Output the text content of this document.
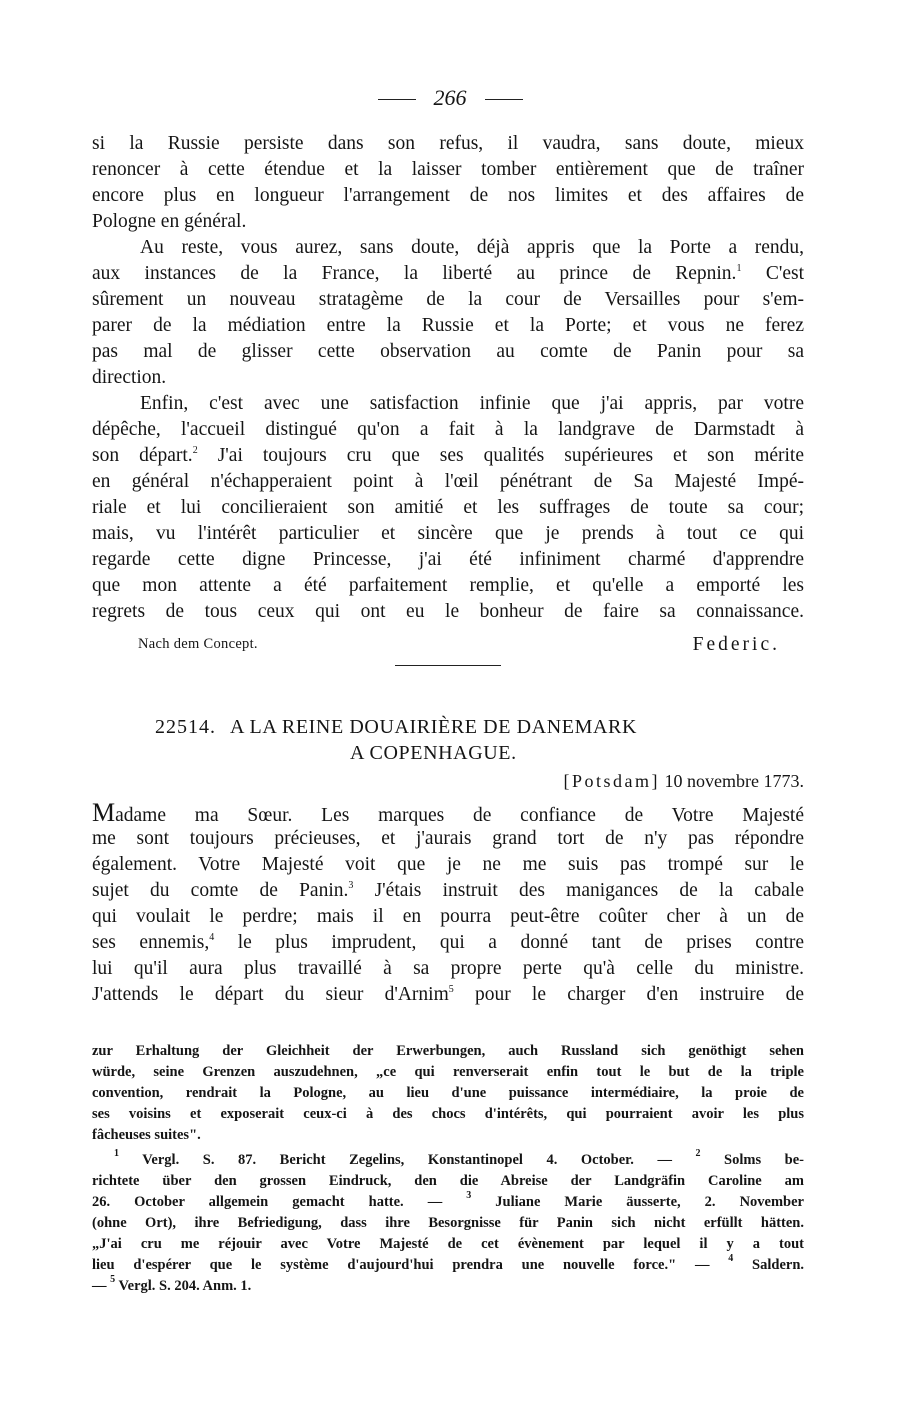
266
si la Russie persiste dans son refus, il vaudra, sans doute, mieux
renoncer à cette étendue et la laisser tomber entièrement que de traîner
encore plus en longueur l'arrangement de nos limites et des affaires de
Pologne en général.
Au reste, vous aurez, sans doute, déjà appris que la Porte a rendu,
aux instances de la France, la liberté au prince de Repnin.$^1$ C'est
sûrement un nouveau stratagème de la cour de Versailles pour s'em-
parer de la médiation entre la Russie et la Porte; et vous ne ferez
pas mal de glisser cette observation au comte de Panin pour sa
direction.
Enfin, c'est avec une satisfaction infinie que j'ai appris, par votre
dépêche, l'accueil distingué qu'on a fait à la landgrave de Darmstadt à
son départ.$^2$ J'ai toujours cru que ses qualités supérieures et son mérite
en général n'échapperaient point à l'œil pénétrant de Sa Majesté Impé-
riale et lui concilieraient son amitié et les suffrages de toute sa cour;
mais, vu l'intérêt particulier et sincère que je prends à tout ce qui
regarde cette digne Princesse, j'ai été infiniment charmé d'apprendre
que mon attente a été parfaitement remplie, et qu'elle a emporté les
regrets de tous ceux qui ont eu le bonheur de faire sa connaissance.
Nach dem Concept.	Federic.
22514. A LA REINE DOUAIRIÈRE DE DANEMARK
A COPENHAGUE.
[Potsdam] 10 novembre 1773.
Madame ma Sœur. Les marques de confiance de Votre Majesté
me sont toujours précieuses, et j'aurais grand tort de n'y pas répondre
également. Votre Majesté voit que je ne me suis pas trompé sur le
sujet du comte de Panin.$^3$ J'étais instruit des manigances de la cabale
qui voulait le perdre; mais il en pourra peut-être coûter cher à un de
ses ennemis,$^4$ le plus imprudent, qui a donné tant de prises contre
lui qu'il aura plus travaillé à sa propre perte qu'à celle du ministre.
J'attends le départ du sieur d'Arnim$^5$ pour le charger d'en instruire de
zur Erhaltung der Gleichheit der Erwerbungen, auch Russland sich genöthigt sehen
würde, seine Grenzen auszudehnen, „ce qui renverserait enfin tout le but de la triple
convention, rendrait la Pologne, au lieu d'une puissance intermédiaire, la proie de
ses voisins et exposerait ceux-ci à des chocs d'intérêts, qui pourraient avoir les plus
fâcheuses suites".
$^1$ Vergl. S. 87. Bericht Zegelins, Konstantinopel 4. October. — $^2$ Solms be-
richtete über den grossen Eindruck, den die Abreise der Landgräfin Caroline am
26. October allgemein gemacht hatte. — $^3$ Juliane Marie äusserte, 2. November
(ohne Ort), ihre Befriedigung, dass ihre Besorgnisse für Panin sich nicht erfüllt hätten.
„J'ai cru me réjouir avec Votre Majesté de cet évènement par lequel il y a tout
lieu d'espérer que le système d'aujourd'hui prendra une nouvelle force." — $^4$ Saldern.
— $^5$ Vergl. S. 204. Anm. 1.
